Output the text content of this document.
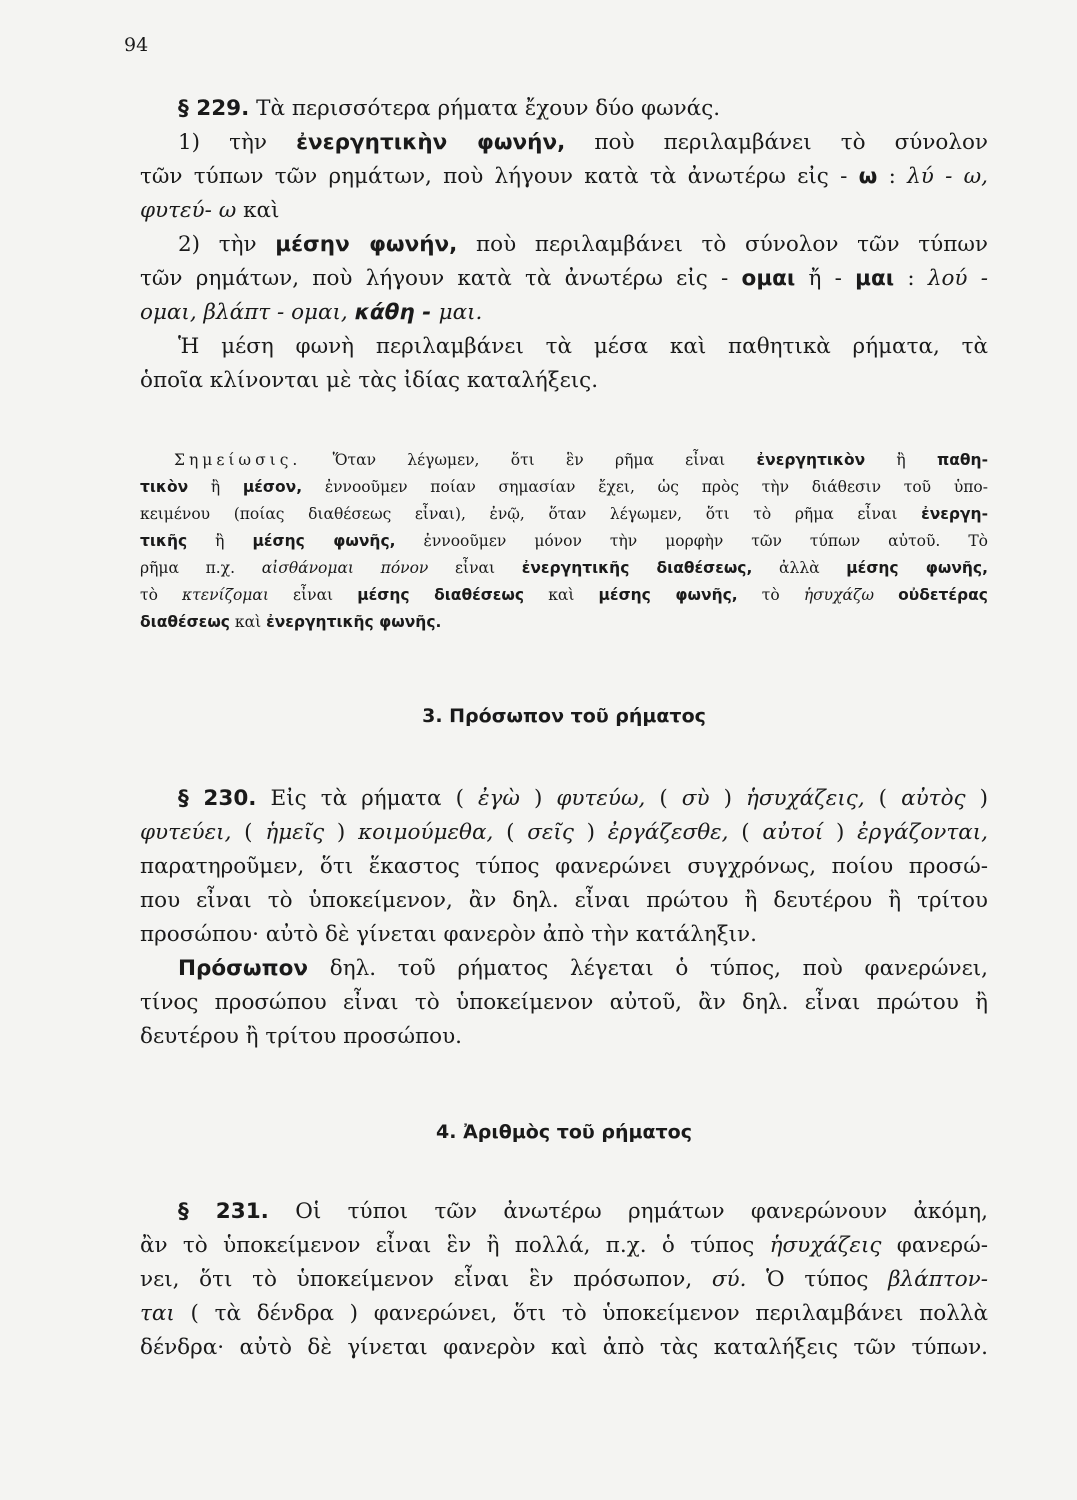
94
§ 229. Τὰ περισσότερα ρήματα ἔχουν δύο φωνάς.
1) τὴν ἐνεργητικὴν φωνήν, ποὺ περιλαμβάνει τὸ σύνολον
τῶν τύπων τῶν ρημάτων, ποὺ λήγουν κατὰ τὰ ἀνωτέρω εἰς - ω : λύ - ω,
φυτεύ- ω καὶ
2) τὴν μέσην φωνήν, ποὺ περιλαμβάνει τὸ σύνολον τῶν τύπων
τῶν ρημάτων, ποὺ λήγουν κατὰ τὰ ἀνωτέρω εἰς - ομαι ἤ - μαι : λού -
ομαι, βλάπτ - ομαι, κάθη - μαι.
Ἡ μέση φωνὴ περιλαμβάνει τὰ μέσα καὶ παθητικὰ ρήματα, τὰ
ὁποῖα κλίνονται μὲ τὰς ἰδίας καταλήξεις.
Σημείωσις. Ὅταν λέγωμεν, ὅτι ἓν ρῆμα εἶναι ἐνεργητικὸν ἢ παθη-
τικὸν ἢ μέσον, ἐννοοῦμεν ποίαν σημασίαν ἔχει, ὡς πρὸς τὴν διάθεσιν τοῦ ὑπο-
κειμένου (ποίας διαθέσεως εἶναι), ἐνῷ, ὅταν λέγωμεν, ὅτι τὸ ρῆμα εἶναι ἐνεργη-
τικῆς ἢ μέσης φωνῆς, ἐννοοῦμεν μόνον τὴν μορφὴν τῶν τύπων αὐτοῦ. Τὸ
ρῆμα π.χ. αἰσθάνομαι πόνον εἶναι ἐνεργητικῆς διαθέσεως, ἀλλὰ μέσης φωνῆς,
τὸ κτενίζομαι εἶναι μέσης διαθέσεως καὶ μέσης φωνῆς, τὸ ἡσυχάζω οὐδετέρας
διαθέσεως καὶ ἐνεργητικῆς φωνῆς.
3. Πρόσωπον τοῦ ρήματος
§ 230. Εἰς τὰ ρήματα ( ἐγὼ ) φυτεύω, ( σὺ ) ἡσυχάζεις, ( αὐτὸς )
φυτεύει, ( ἡμεῖς ) κοιμούμεθα, ( σεῖς ) ἐργάζεσθε, ( αὐτοί ) ἐργάζονται,
παρατηροῦμεν, ὅτι ἕκαστος τύπος φανερώνει συγχρόνως, ποίου προσώ-
που εἶναι τὸ ὑποκείμενον, ἂν δηλ. εἶναι πρώτου ἢ δευτέρου ἢ τρίτου
προσώπου· αὐτὸ δὲ γίνεται φανερὸν ἀπὸ τὴν κατάληξιν.
Πρόσωπον δηλ. τοῦ ρήματος λέγεται ὁ τύπος, ποὺ φανερώνει,
τίνος προσώπου εἶναι τὸ ὑποκείμενον αὐτοῦ, ἂν δηλ. εἶναι πρώτου ἢ
δευτέρου ἢ τρίτου προσώπου.
4. Ἀριθμὸς τοῦ ρήματος
§ 231. Οἱ τύποι τῶν ἀνωτέρω ρημάτων φανερώνουν ἀκόμη,
ἂν τὸ ὑποκείμενον εἶναι ἓν ἢ πολλά, π.χ. ὁ τύπος ἡσυχάζεις φανερώ-
νει, ὅτι τὸ ὑποκείμενον εἶναι ἓν πρόσωπον, σύ. Ὁ τύπος βλάπτον-
ται ( τὰ δένδρα ) φανερώνει, ὅτι τὸ ὑποκείμενον περιλαμβάνει πολλὰ
δένδρα· αὐτὸ δὲ γίνεται φανερὸν καὶ ἀπὸ τὰς καταλήξεις τῶν τύπων.
